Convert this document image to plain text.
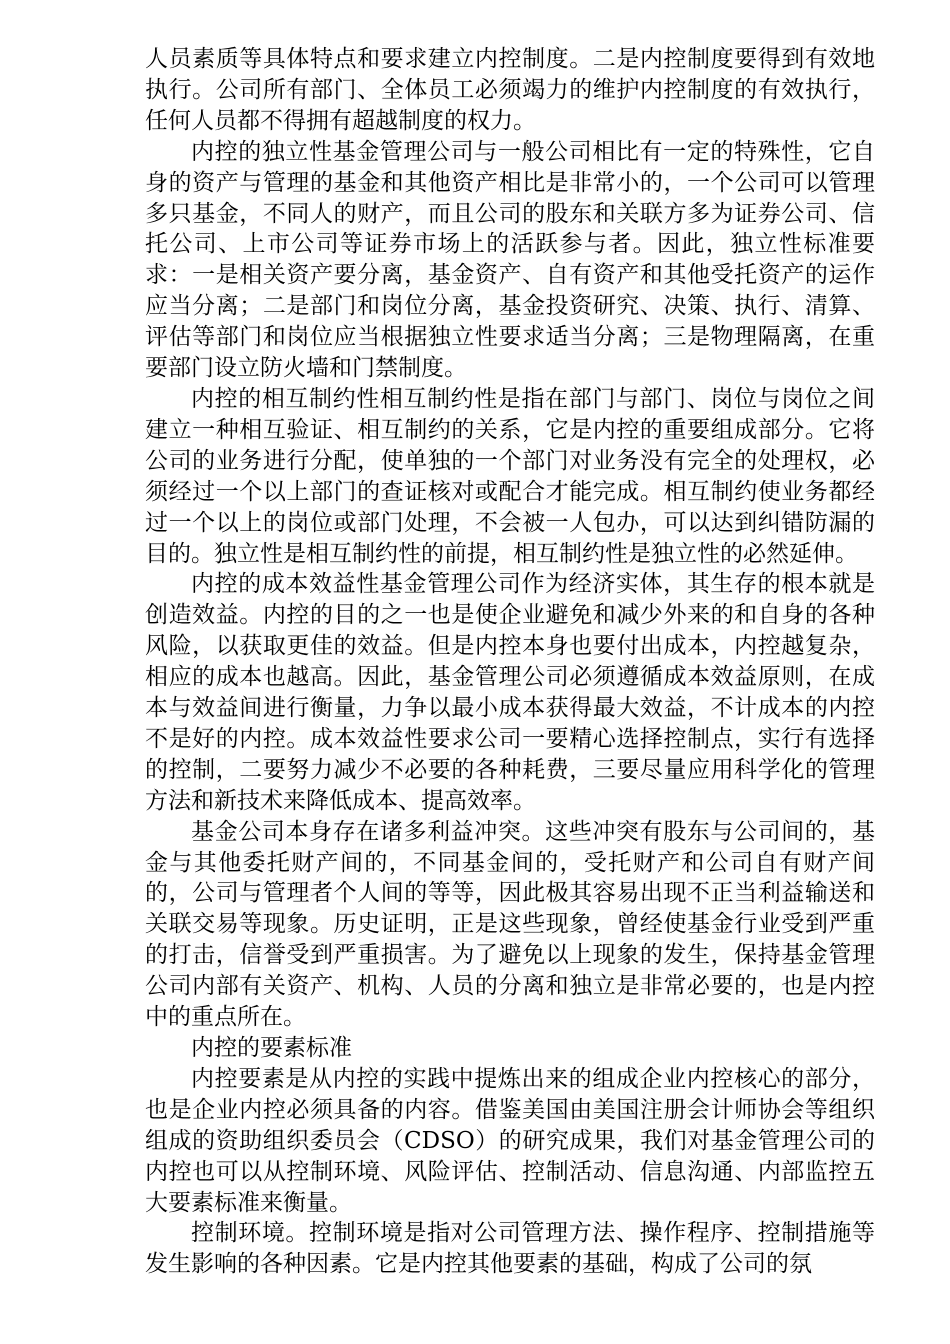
人员素质等具体特点和要求建立内控制度。二是内控制度要得到有效地执行。公司所有部门、全体员工必须竭力的维护内控制度的有效执行，任何人员都不得拥有超越制度的权力。

内控的独立性基金管理公司与一般公司相比有一定的特殊性，它自身的资产与管理的基金和其他资产相比是非常小的，一个公司可以管理多只基金，不同人的财产，而且公司的股东和关联方多为证券公司、信托公司、上市公司等证券市场上的活跃参与者。因此，独立性标准要求：一是相关资产要分离，基金资产、自有资产和其他受托资产的运作应当分离；二是部门和岗位分离，基金投资研究、决策、执行、清算、评估等部门和岗位应当根据独立性要求适当分离；三是物理隔离，在重要部门设立防火墙和门禁制度。

内控的相互制约性相互制约性是指在部门与部门、岗位与岗位之间建立一种相互验证、相互制约的关系，它是内控的重要组成部分。它将公司的业务进行分配，使单独的一个部门对业务没有完全的处理权，必须经过一个以上部门的查证核对或配合才能完成。相互制约使业务都经过一个以上的岗位或部门处理，不会被一人包办，可以达到纠错防漏的目的。独立性是相互制约性的前提，相互制约性是独立性的必然延伸。

内控的成本效益性基金管理公司作为经济实体，其生存的根本就是创造效益。内控的目的之一也是使企业避免和减少外来的和自身的各种风险，以获取更佳的效益。但是内控本身也要付出成本，内控越复杂，相应的成本也越高。因此，基金管理公司必须遵循成本效益原则，在成本与效益间进行衡量，力争以最小成本获得最大效益，不计成本的内控不是好的内控。成本效益性要求公司一要精心选择控制点，实行有选择的控制，二要努力减少不必要的各种耗费，三要尽量应用科学化的管理方法和新技术来降低成本、提高效率。

基金公司本身存在诸多利益冲突。这些冲突有股东与公司间的，基金与其他委托财产间的，不同基金间的，受托财产和公司自有财产间的，公司与管理者个人间的等等，因此极其容易出现不正当利益输送和关联交易等现象。历史证明，正是这些现象，曾经使基金行业受到严重的打击，信誉受到严重损害。为了避免以上现象的发生，保持基金管理公司内部有关资产、机构、人员的分离和独立是非常必要的，也是内控中的重点所在。

内控的要素标准

内控要素是从内控的实践中提炼出来的组成企业内控核心的部分，也是企业内控必须具备的内容。借鉴美国由美国注册会计师协会等组织组成的资助组织委员会（CDSO）的研究成果，我们对基金管理公司的内控也可以从控制环境、风险评估、控制活动、信息沟通、内部监控五大要素标准来衡量。

控制环境。控制环境是指对公司管理方法、操作程序、控制措施等发生影响的各种因素。它是内控其他要素的基础，构成了公司的氛
